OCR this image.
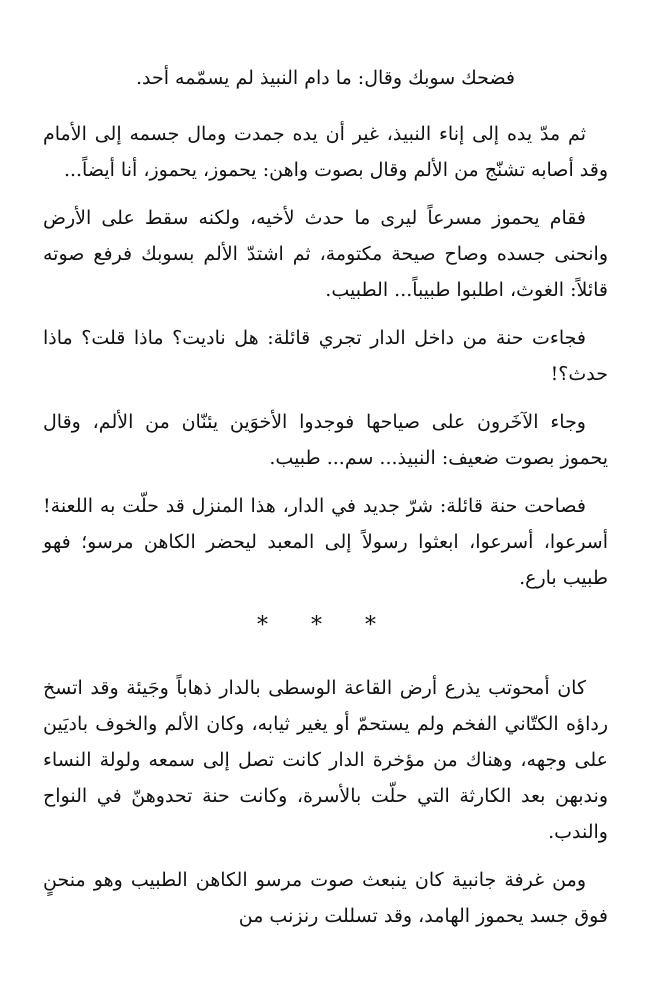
فضحك سوبك وقال: ما دام النبيذ لم يسمّمه أحد.

ثم مدّ يده إلى إناء النبيذ، غير أن يده جمدت ومال جسمه إلى الأمام وقد أصابه تشنّج من الألم وقال بصوت واهن: يحموز، يحموز، أنا أيضاً...

فقام يحموز مسرعاً ليرى ما حدث لأخيه، ولكنه سقط على الأرض وانحنى جسده وصاح صيحة مكتومة، ثم اشتدّ الألم بسوبك فرفع صوته قائلاً: الغوث، اطلبوا طبيباً... الطبيب.

فجاءت حنة من داخل الدار تجري قائلة: هل ناديت؟ ماذا قلت؟ ماذا حدث؟!

وجاء الآخَرون على صياحها فوجدوا الأخوَين يئنّان من الألم، وقال يحموز بصوت ضعيف: النبيذ... سم... طبيب.

فصاحت حنة قائلة: شرّ جديد في الدار، هذا المنزل قد حلّت به اللعنة! أسرعوا، أسرعوا، ابعثوا رسولاً إلى المعبد ليحضر الكاهن مرسو؛ فهو طبيب بارع.

* * *

كان أمحوتب يذرع أرض القاعة الوسطى بالدار ذهاباً وجَيئة وقد اتسخ رداؤه الكتّاني الفخم ولم يستحمّ أو يغير ثيابه، وكان الألم والخوف باديَين على وجهه، وهناك من مؤخرة الدار كانت تصل إلى سمعه ولولة النساء وندبهن بعد الكارثة التي حلّت بالأسرة، وكانت حنة تحدوهنّ في النواح والندب.

ومن غرفة جانبية كان ينبعث صوت مرسو الكاهن الطبيب وهو منحنٍ فوق جسد يحموز الهامد، وقد تسللت رنزنب من
